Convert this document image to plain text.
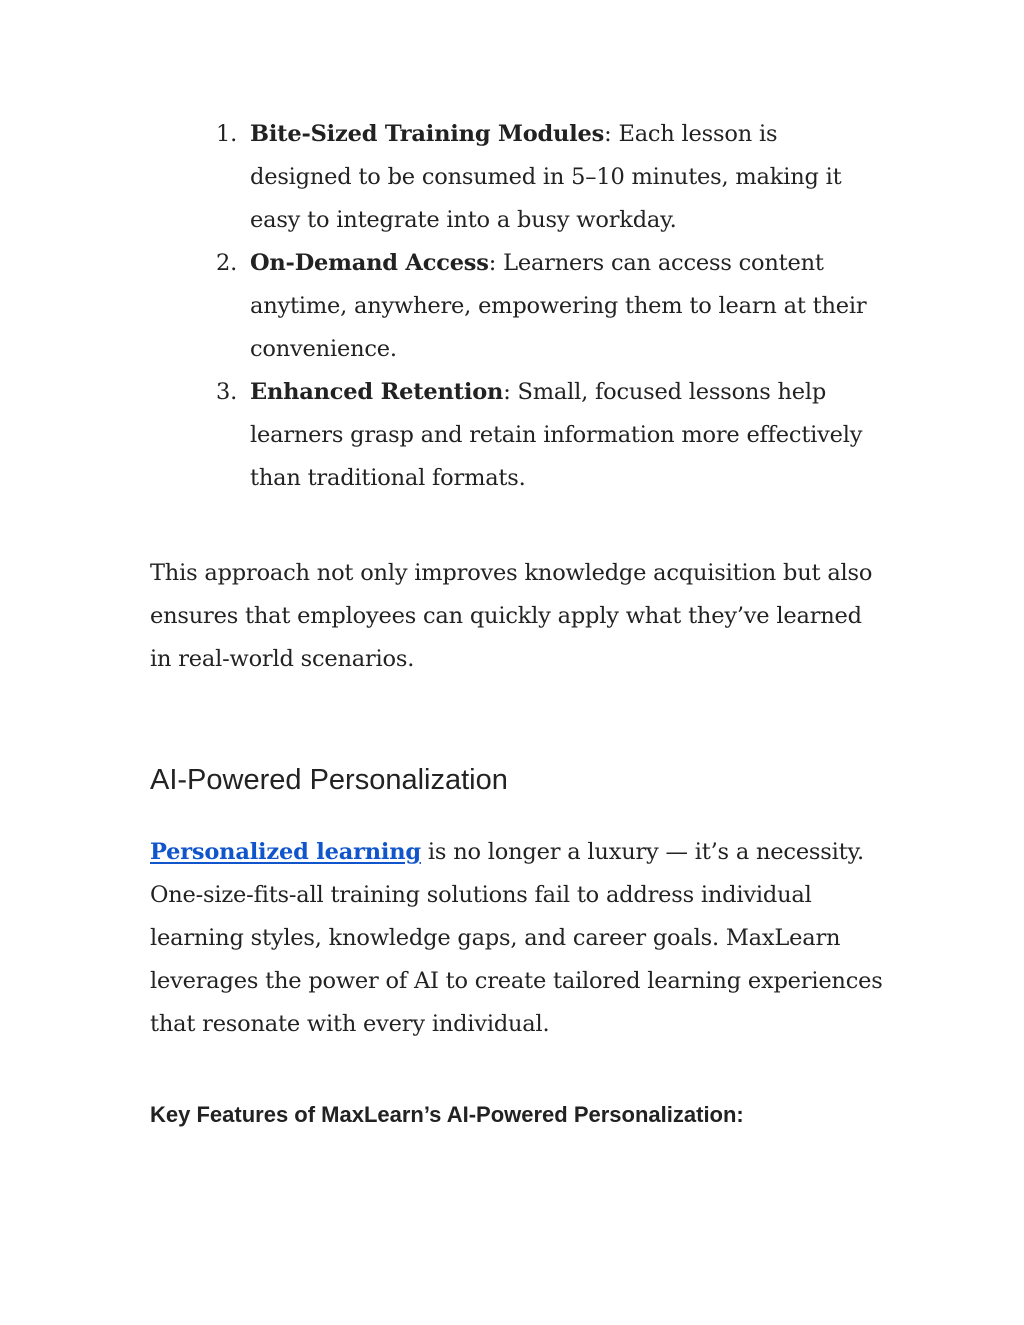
1. Bite-Sized Training Modules: Each lesson is designed to be consumed in 5–10 minutes, making it easy to integrate into a busy workday.
2. On-Demand Access: Learners can access content anytime, anywhere, empowering them to learn at their convenience.
3. Enhanced Retention: Small, focused lessons help learners grasp and retain information more effectively than traditional formats.

This approach not only improves knowledge acquisition but also ensures that employees can quickly apply what they’ve learned in real-world scenarios.

AI-Powered Personalization

Personalized learning is no longer a luxury — it’s a necessity. One-size-fits-all training solutions fail to address individual learning styles, knowledge gaps, and career goals. MaxLearn leverages the power of AI to create tailored learning experiences that resonate with every individual.

Key Features of MaxLearn’s AI-Powered Personalization:
